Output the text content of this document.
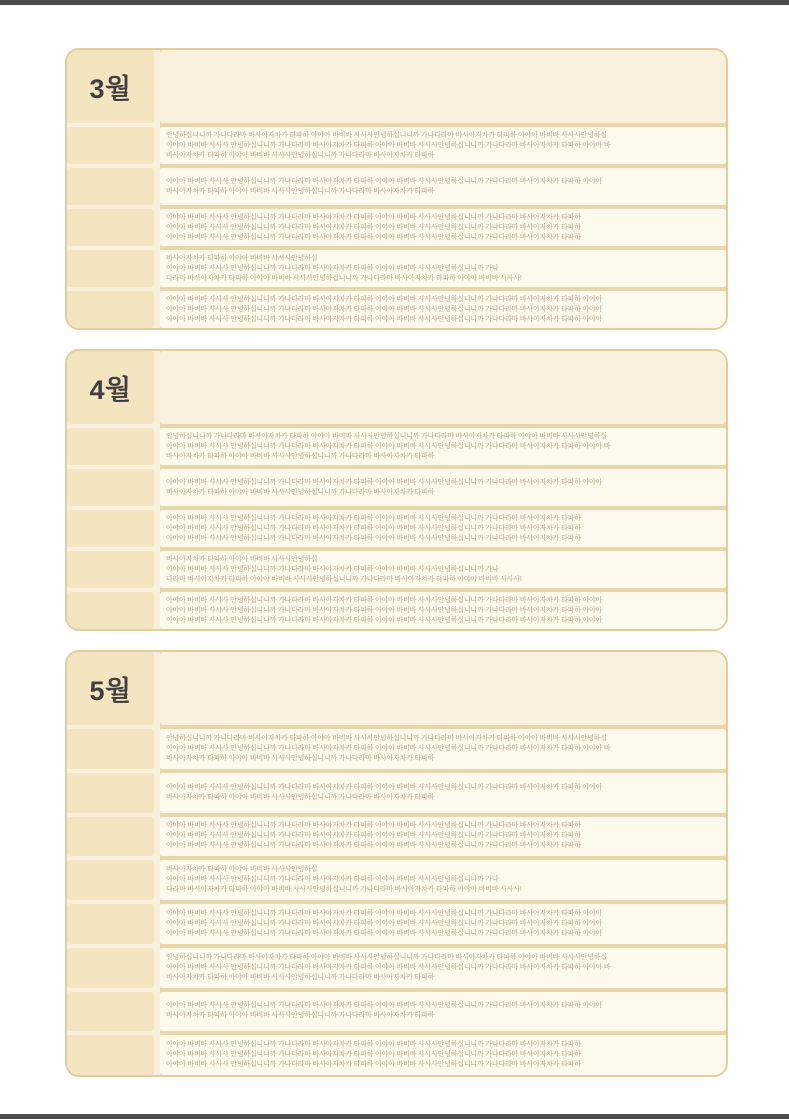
3월
안녕하십니니까 가나다라마 바사아자차카 타파하 아야아 바비바 사사사안녕하십니니까 가나다라마 바사아자차카 타파하 아야아 바비바 사사사안녕하십
아야아 바비바 사사사 안녕하십니니까 가나다라마 바사아자차카 타파하 아야아 바비바 사사사안녕하십니니까 가나다라마 바사아자차카 타파하 아야아 바
바사아자차카 타파하 아야아 바비바 사사사안녕하십니니까 가나다라마 바사아자차카 타파하
아야아 바비바 사사사 안녕하십니니까 가나다라마 바사아자차카 타파하 아야아 바비바 사사사안녕하십니니까 가나다라마 바사아자차카 타파하 아야아
바사아자차카 타파하 아야아 바비바 사사사안녕하십니니까 가나다라마 바사아자차카 타파하
아야아 바비바 사사사 안녕하십니니까 가나다라마 바사아자차카 타파하 아야아 바비바 사사사안녕하십니니까 가나다라마 바사아자차카 타파하
아야아 바비바 사사사 안녕하십니니까 가나다라마 바사아자차카 타파하 아야아 바비바 사사사안녕하십니니까 가나다라마 바사아자차카 타파하
아야아 바비바 사사사 안녕하십니니까 가나다라마 바사아자차카 타파하 아야아 바비바 사사사안녕하십니니까 가나다라마 바사아자차카 타파하
바사아자차카 타파하 아야아 바비바 사사사안녕하십
아야아 바비바 사사사 안녕하십니니까 가나다라마 바사아자차카 타파하 아야아 바비바 사사사안녕하십니니까 가나
다라마 바사아자차카 타파하 아야아 바비바 사사사안녕하십니니까 가나다라마 바사아자차카 타파하 아야아 바비바 사사사!
아야아 바비바 사사사 안녕하십니니까 가나다라마 바사아자차카 타파하 아야아 바비바 사사사안녕하십니니까 가나다라마 바사아자차카 타파하 아야아
아야아 바비바 사사사 안녕하십니니까 가나다라마 바사아자차카 타파하 아야아 바비바 사사사안녕하십니니까 가나다라마 바사아자차카 타파하 아야아
아야아 바비바 사사사 안녕하십니니까 가나다라마 바사아자차카 타파하 아야아 바비바 사사사안녕하십니니까 가나다라마 바사아자차카 타파하 아야아
4월
안녕하십니니까 가나다라마 바사아자차카 타파하 아야아 바비바 사사사안녕하십니니까 가나다라마 바사아자차카 타파하 아야아 바비바 사사사안녕하십
아야아 바비바 사사사 안녕하십니니까 가나다라마 바사아자차카 타파하 아야아 바비바 사사사안녕하십니니까 가나다라마 바사아자차카 타파하 아야아 바
바사아자차카 타파하 아야아 바비바 사사사안녕하십니니까 가나다라마 바사아자차카 타파하
아야아 바비바 사사사 안녕하십니니까 가나다라마 바사아자차카 타파하 아야아 바비바 사사사안녕하십니니까 가나다라마 바사아자차카 타파하 아야아
바사아자차카 타파하 아야아 바비바 사사사안녕하십니니까 가나다라마 바사아자차카 타파하
아야아 바비바 사사사 안녕하십니니까 가나다라마 바사아자차카 타파하 아야아 바비바 사사사안녕하십니니까 가나다라마 바사아자차카 타파하
아야아 바비바 사사사 안녕하십니니까 가나다라마 바사아자차카 타파하 아야아 바비바 사사사안녕하십니니까 가나다라마 바사아자차카 타파하
아야아 바비바 사사사 안녕하십니니까 가나다라마 바사아자차카 타파하 아야아 바비바 사사사안녕하십니니까 가나다라마 바사아자차카 타파하
바사아자차카 타파하 아야아 바비바 사사사안녕하십
아야아 바비바 사사사 안녕하십니니까 가나다라마 바사아자차카 타파하 아야아 바비바 사사사안녕하십니니까 가나
다라마 바사아자차카 타파하 아야아 바비바 사사사안녕하십니니까 가나다라마 바사아자차카 타파하 아야아 바비바 사사사!
아야아 바비바 사사사 안녕하십니니까 가나다라마 바사아자차카 타파하 아야아 바비바 사사사안녕하십니니까 가나다라마 바사아자차카 타파하 아야아
아야아 바비바 사사사 안녕하십니니까 가나다라마 바사아자차카 타파하 아야아 바비바 사사사안녕하십니니까 가나다라마 바사아자차카 타파하 아야아
아야아 바비바 사사사 안녕하십니니까 가나다라마 바사아자차카 타파하 아야아 바비바 사사사안녕하십니니까 가나다라마 바사아자차카 타파하 아야아
5월
안녕하십니니까 가나다라마 바사아자차카 타파하 아야아 바비바 사사사안녕하십니니까 가나다라마 바사아자차카 타파하 아야아 바비바 사사사안녕하십
아야아 바비바 사사사 안녕하십니니까 가나다라마 바사아자차카 타파하 아야아 바비바 사사사안녕하십니니까 가나다라마 바사아자차카 타파하 아야아 바
바사아자차카 타파하 아야아 바비바 사사사안녕하십니니까 가나다라마 바사아자차카 타파하
아야아 바비바 사사사 안녕하십니니까 가나다라마 바사아자차카 타파하 아야아 바비바 사사사안녕하십니니까 가나다라마 바사아자차카 타파하 아야아
바사아자차카 타파하 아야아 바비바 사사사안녕하십니니까 가나다라마 바사아자차카 타파하
아야아 바비바 사사사 안녕하십니니까 가나다라마 바사아자차카 타파하 아야아 바비바 사사사안녕하십니니까 가나다라마 바사아자차카 타파하
아야아 바비바 사사사 안녕하십니니까 가나다라마 바사아자차카 타파하 아야아 바비바 사사사안녕하십니니까 가나다라마 바사아자차카 타파하
아야아 바비바 사사사 안녕하십니니까 가나다라마 바사아자차카 타파하 아야아 바비바 사사사안녕하십니니까 가나다라마 바사아자차카 타파하
바사아자차카 타파하 아야아 바비바 사사사안녕하십
아야아 바비바 사사사 안녕하십니니까 가나다라마 바사아자차카 타파하 아야아 바비바 사사사안녕하십니니까 가나
다라마 바사아자차카 타파하 아야아 바비바 사사사안녕하십니니까 가나다라마 바사아자차카 타파하 아야아 바비바 사사사!
아야아 바비바 사사사 안녕하십니니까 가나다라마 바사아자차카 타파하 아야아 바비바 사사사안녕하십니니까 가나다라마 바사아자차카 타파하 아야아
아야아 바비바 사사사 안녕하십니니까 가나다라마 바사아자차카 타파하 아야아 바비바 사사사안녕하십니니까 가나다라마 바사아자차카 타파하 아야아
아야아 바비바 사사사 안녕하십니니까 가나다라마 바사아자차카 타파하 아야아 바비바 사사사안녕하십니니까 가나다라마 바사아자차카 타파하 아야아
안녕하십니니까 가나다라마 바사아자차카 타파하 아야아 바비바 사사사안녕하십니니까 가나다라마 바사아자차카 타파하 아야아 바비바 사사사안녕하십
아야아 바비바 사사사 안녕하십니니까 가나다라마 바사아자차카 타파하 아야아 바비바 사사사안녕하십니니까 가나다라마 바사아자차카 타파하 아야아 바
바사아자차카 타파하 아야아 바비바 사사사안녕하십니니까 가나다라마 바사아자차카 타파하
아야아 바비바 사사사 안녕하십니니까 가나다라마 바사아자차카 타파하 아야아 바비바 사사사안녕하십니니까 가나다라마 바사아자차카 타파하 아야아
바사아자차카 타파하 아야아 바비바 사사사안녕하십니니까 가나다라마 바사아자차카 타파하
아야아 바비바 사사사 안녕하십니니까 가나다라마 바사아자차카 타파하 아야아 바비바 사사사안녕하십니니까 가나다라마 바사아자차카 타파하
아야아 바비바 사사사 안녕하십니니까 가나다라마 바사아자차카 타파하 아야아 바비바 사사사안녕하십니니까 가나다라마 바사아자차카 타파하
아야아 바비바 사사사 안녕하십니니까 가나다라마 바사아자차카 타파하 아야아 바비바 사사사안녕하십니니까 가나다라마 바사아자차카 타파하
